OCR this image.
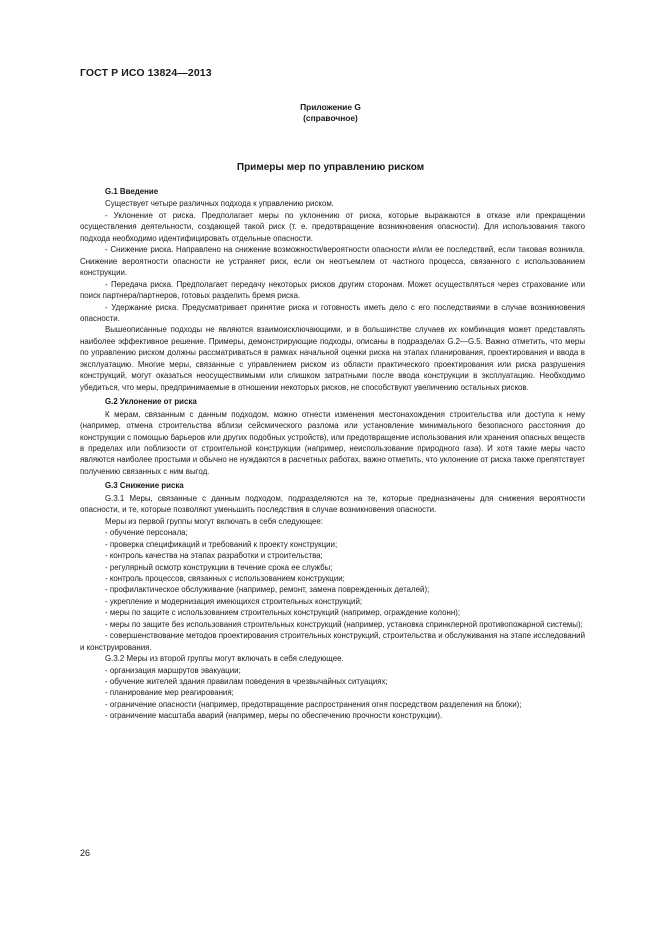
ГОСТ Р ИСО 13824—2013
Приложение G
(справочное)
Примеры мер по управлению риском

G.1 Введение

Существует четыре различных подхода к управлению риском.

- Уклонение от риска. Предполагает меры по уклонению от риска, которые выражаются в отказе или прекращении осуществления деятельности, создающей такой риск (т. е. предотвращение возникновения опасности). Для использования такого подхода необходимо идентифицировать отдельные опасности.

- Снижение риска. Направлено на снижение возможности/вероятности опасности и/или ее последствий, если таковая возникла. Снижение вероятности опасности не устраняет риск, если он неотъемлем от частного процесса, связанного с использованием конструкции.

- Передача риска. Предполагает передачу некоторых рисков другим сторонам. Может осуществляться через страхование или поиск партнера/партнеров, готовых разделить бремя риска.

- Удержание риска. Предусматривает принятие риска и готовность иметь дело с его последствиями в случае возникновения опасности.

Вышеописанные подходы не являются взаимоисключающими, и в большинстве случаев их комбинация может представлять наиболее эффективное решение. Примеры, демонстрирующие подходы, описаны в подразделах G.2—G.5. Важно отметить, что меры по управлению риском должны рассматриваться в рамках начальной оценки риска на этапах планирования, проектирования и ввода в эксплуатацию. Многие меры, связанные с управлением риском из области практического проектирования или риска разрушения конструкций, могут оказаться неосуществимыми или слишком затратными после ввода конструкции в эксплуатацию. Необходимо убедиться, что меры, предпринимаемые в отношении некоторых рисков, не способствуют увеличению остальных рисков.

G.2 Уклонение от риска

К мерам, связанным с данным подходом, можно отнести изменения местонахождения строительства или доступа к нему (например, отмена строительства вблизи сейсмического разлома или установление минимального безопасного расстояния до конструкции с помощью барьеров или других подобных устройств), или предотвращение использования или хранения опасных веществ в пределах или поблизости от строительной конструкции (например, неиспользование природного газа). И хотя такие меры часто являются наиболее простыми и обычно не нуждаются в расчетных работах, важно отметить, что уклонение от риска также препятствует получению связанных с ним выгод.

G.3 Снижение риска

G.3.1 Меры, связанные с данным подходом, подразделяются на те, которые предназначены для снижения вероятности опасности, и те, которые позволяют уменьшить последствия в случае возникновения опасности.

Меры из первой группы могут включать в себя следующее:

- обучение персонала;

- проверка спецификаций и требований к проекту конструкции;

- контроль качества на этапах разработки и строительства;

- регулярный осмотр конструкции в течение срока ее службы;

- контроль процессов, связанных с использованием конструкции;

- профилактическое обслуживание (например, ремонт, замена поврежденных деталей);

- укрепление и модернизация имеющихся строительных конструкций;

- меры по защите с использованием строительных конструкций (например, ограждение колонн);

- меры по защите без использования строительных конструкций (например, установка спринклерной противопожарной системы);

- совершенствование методов проектирования строительных конструкций, строительства и обслуживания на этапе исследований и конструирования.

G.3.2 Меры из второй группы могут включать в себя следующее.

- организация маршрутов эвакуации;

- обучение жителей здания правилам поведения в чрезвычайных ситуациях;

- планирование мер реагирования;

- ограничение опасности (например, предотвращение распространения огня посредством разделения на блоки);

- ограничение масштаба аварий (например, меры по обеспечению прочности конструкции).

26
